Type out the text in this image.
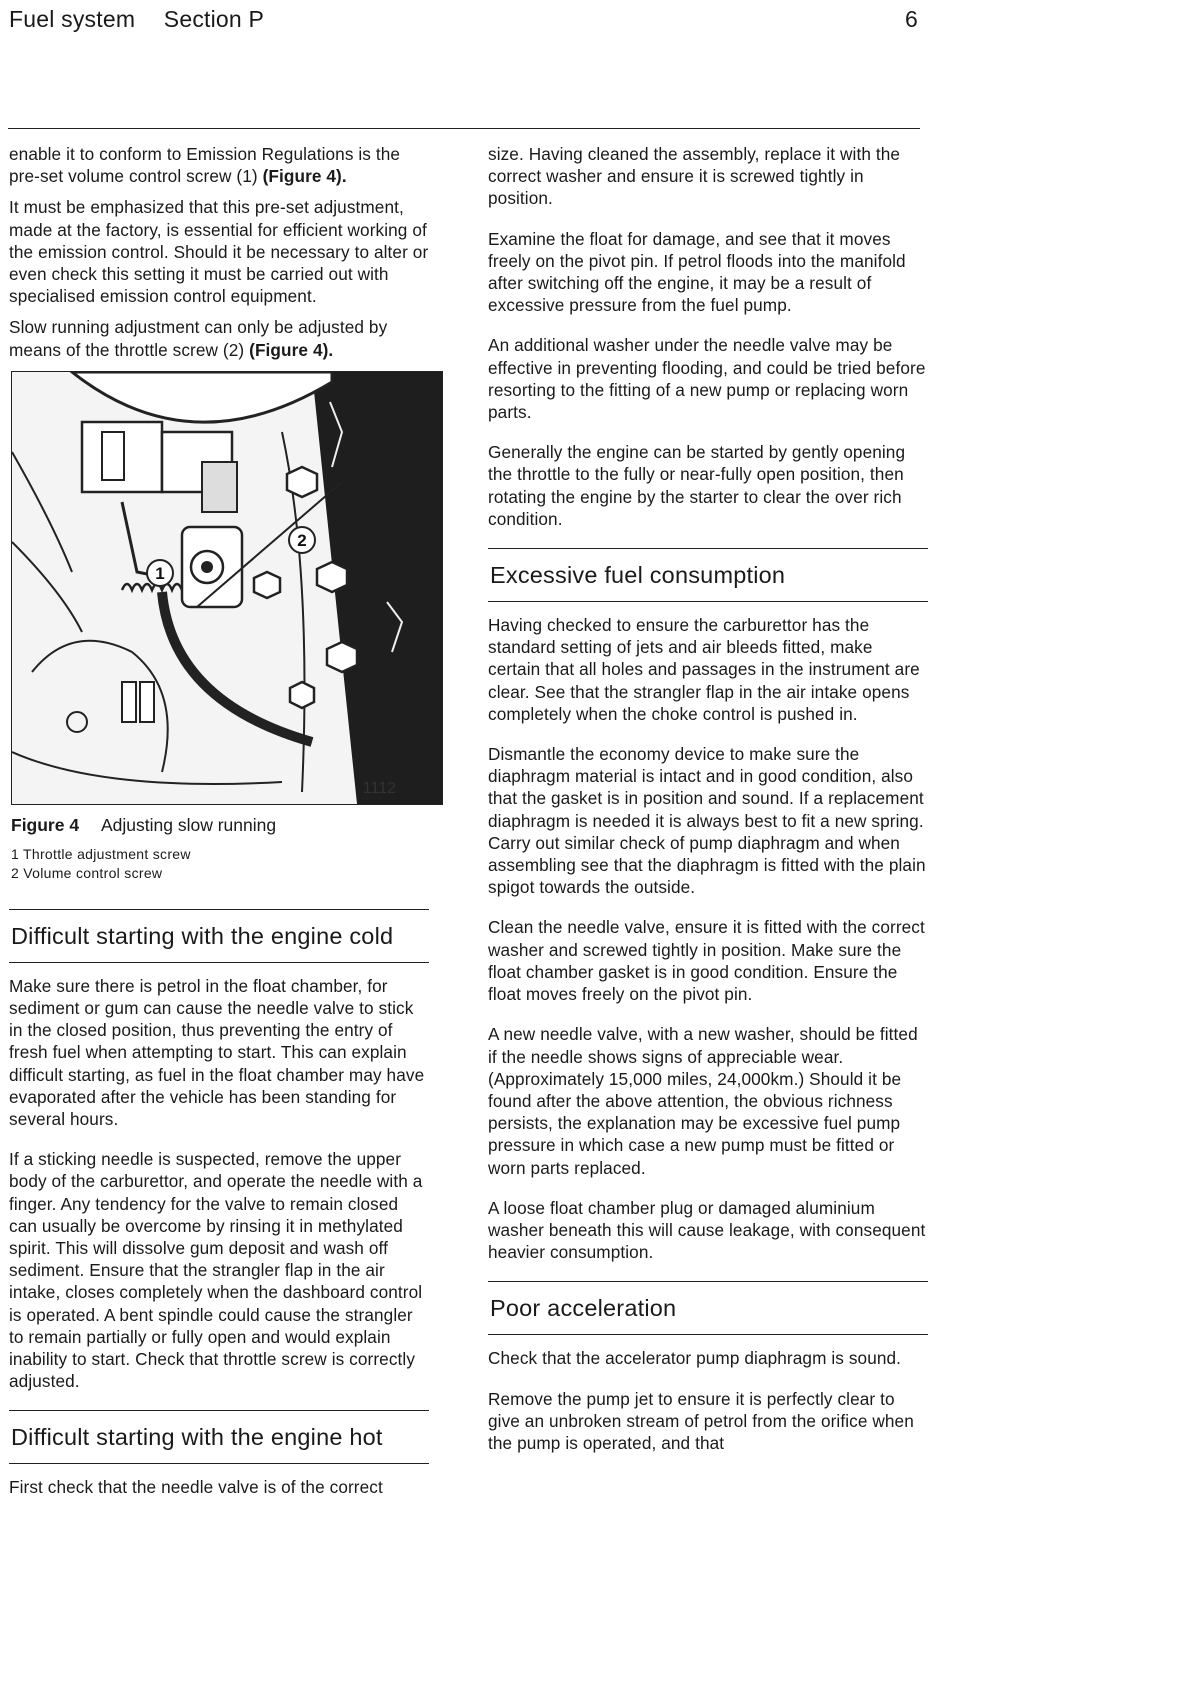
Fuel system Section P	6

enable it to conform to Emission Regulations is the pre-set volume control screw (1) (Figure 4).

It must be emphasized that this pre-set adjustment, made at the factory, is essential for efficient working of the emission control. Should it be necessary to alter or even check this setting it must be carried out with specialised emission control equipment.

Slow running adjustment can only be adjusted by means of the throttle screw (2) (Figure 4).

1
2
1112
Figure 4 Adjusting slow running
1 Throttle adjustment screw
2 Volume control screw
Difficult starting with the engine cold

Make sure there is petrol in the float chamber, for sediment or gum can cause the needle valve to stick in the closed position, thus preventing the entry of fresh fuel when attempting to start. This can explain difficult starting, as fuel in the float chamber may have evaporated after the vehicle has been standing for several hours.

If a sticking needle is suspected, remove the upper body of the carburettor, and operate the needle with a finger. Any tendency for the valve to remain closed can usually be overcome by rinsing it in methylated spirit. This will dissolve gum deposit and wash off sediment. Ensure that the strangler flap in the air intake, closes completely when the dashboard control is operated. A bent spindle could cause the strangler to remain partially or fully open and would explain inability to start. Check that throttle screw is correctly adjusted.

Difficult starting with the engine hot

First check that the needle valve is of the correct

size. Having cleaned the assembly, replace it with the correct washer and ensure it is screwed tightly in position.

Examine the float for damage, and see that it moves freely on the pivot pin. If petrol floods into the manifold after switching off the engine, it may be a result of excessive pressure from the fuel pump.

An additional washer under the needle valve may be effective in preventing flooding, and could be tried before resorting to the fitting of a new pump or replacing worn parts.

Generally the engine can be started by gently opening the throttle to the fully or near-fully open position, then rotating the engine by the starter to clear the over rich condition.

Excessive fuel consumption

Having checked to ensure the carburettor has the standard setting of jets and air bleeds fitted, make certain that all holes and passages in the instrument are clear. See that the strangler flap in the air intake opens completely when the choke control is pushed in.

Dismantle the economy device to make sure the diaphragm material is intact and in good condition, also that the gasket is in position and sound. If a replacement diaphragm is needed it is always best to fit a new spring. Carry out similar check of pump diaphragm and when assembling see that the diaphragm is fitted with the plain spigot towards the outside.

Clean the needle valve, ensure it is fitted with the correct washer and screwed tightly in position. Make sure the float chamber gasket is in good condition. Ensure the float moves freely on the pivot pin.

A new needle valve, with a new washer, should be fitted if the needle shows signs of appreciable wear. (Approximately 15,000 miles, 24,000km.) Should it be found after the above attention, the obvious richness persists, the explanation may be excessive fuel pump pressure in which case a new pump must be fitted or worn parts replaced.

A loose float chamber plug or damaged aluminium washer beneath this will cause leakage, with consequent heavier consumption.

Poor acceleration

Check that the accelerator pump diaphragm is sound.

Remove the pump jet to ensure it is perfectly clear to give an unbroken stream of petrol from the orifice when the pump is operated, and that
